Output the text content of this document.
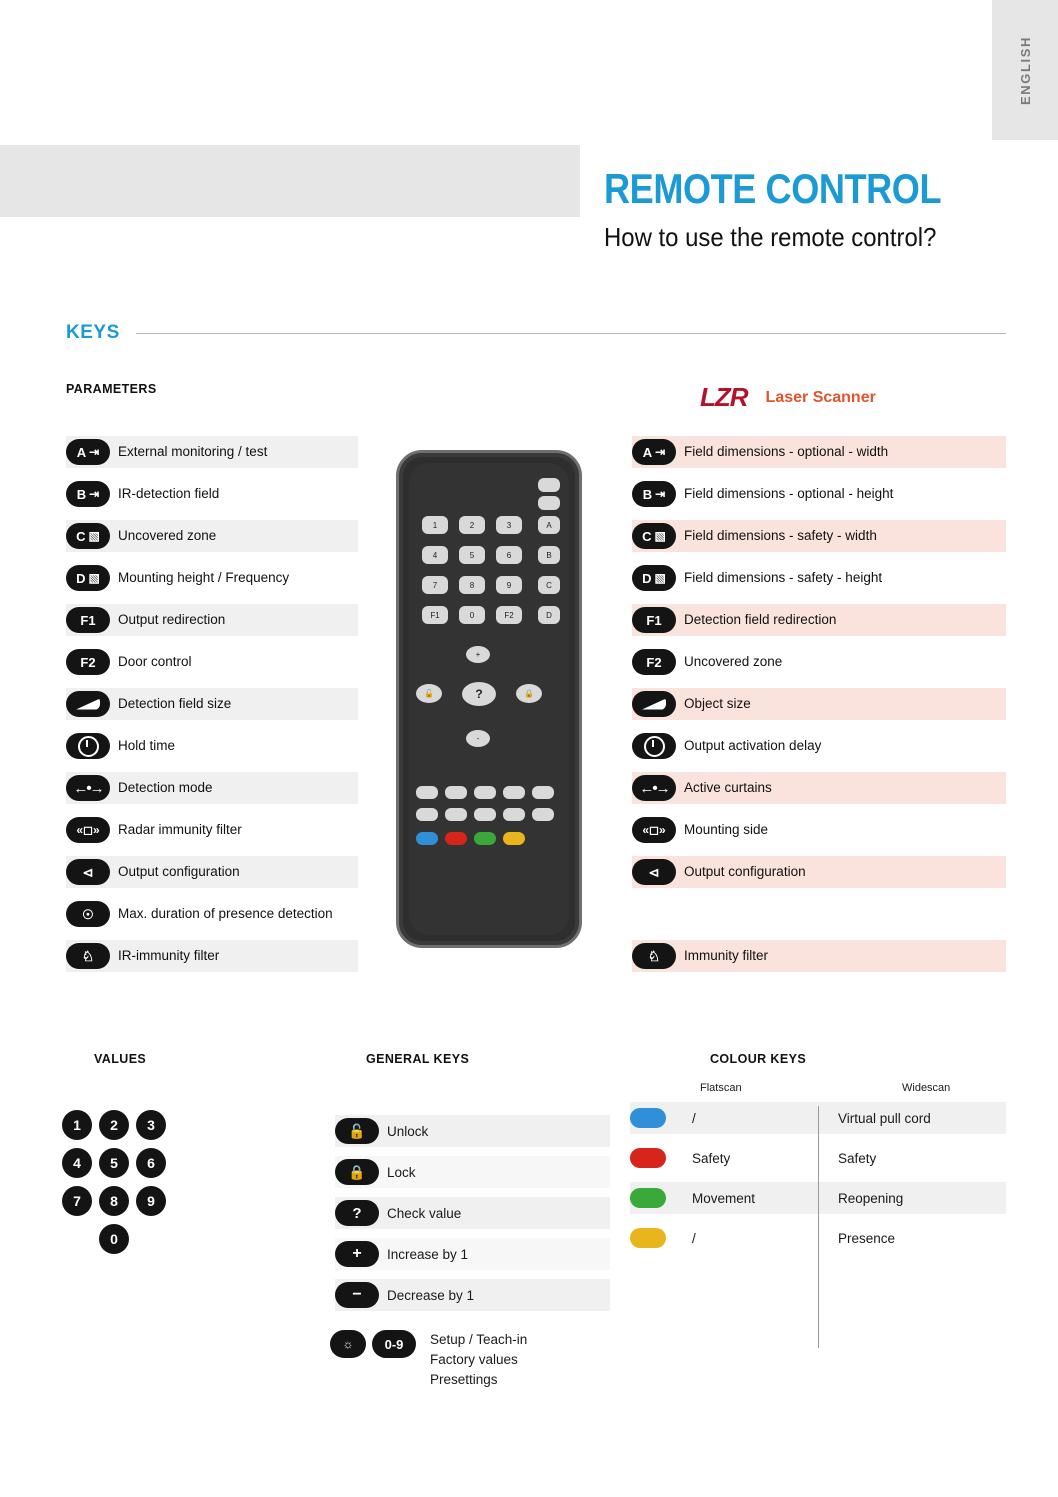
ENGLISH
REMOTE CONTROL
How to use the remote control?
KEYS
PARAMETERS	LZR Laser Scanner
A ⇥ External monitoring / test
B ⇥ IR-detection field
C ▧ Uncovered zone
D ▧ Mounting height / Frequency
F1 Output redirection
F2 Door control
Detection field size
Hold time
←•→ Detection mode
«◻» Radar immunity filter
⊲ Output configuration
☉ Max. duration of presence detection
♘ IR-immunity filter
A ⇥ Field dimensions - optional - width
B ⇥ Field dimensions - optional - height
C ▧ Field dimensions - safety - width
D ▧ Field dimensions - safety - height
F1 Detection field redirection
F2 Uncovered zone
Object size
Output activation delay
←•→ Active curtains
«◻» Mounting side
⊲ Output configuration
♘ Immunity filter
1	2	3
4	5	6
7	8	9
F1	0	F2
A
B
C
D
+
-
?
🔓	🔒
VALUES
1 2 3
4 5 6
7 8 9
0
GENERAL KEYS
🔓 Unlock
🔒 Lock
? Check value
+ Increase by 1
− Decrease by 1
☼	0-9	Setup / Teach-in
Factory values
Presettings
COLOUR KEYS
Flatscan	Widescan
/	Virtual pull cord
Safety	Safety
Movement	Reopening
/	Presence
